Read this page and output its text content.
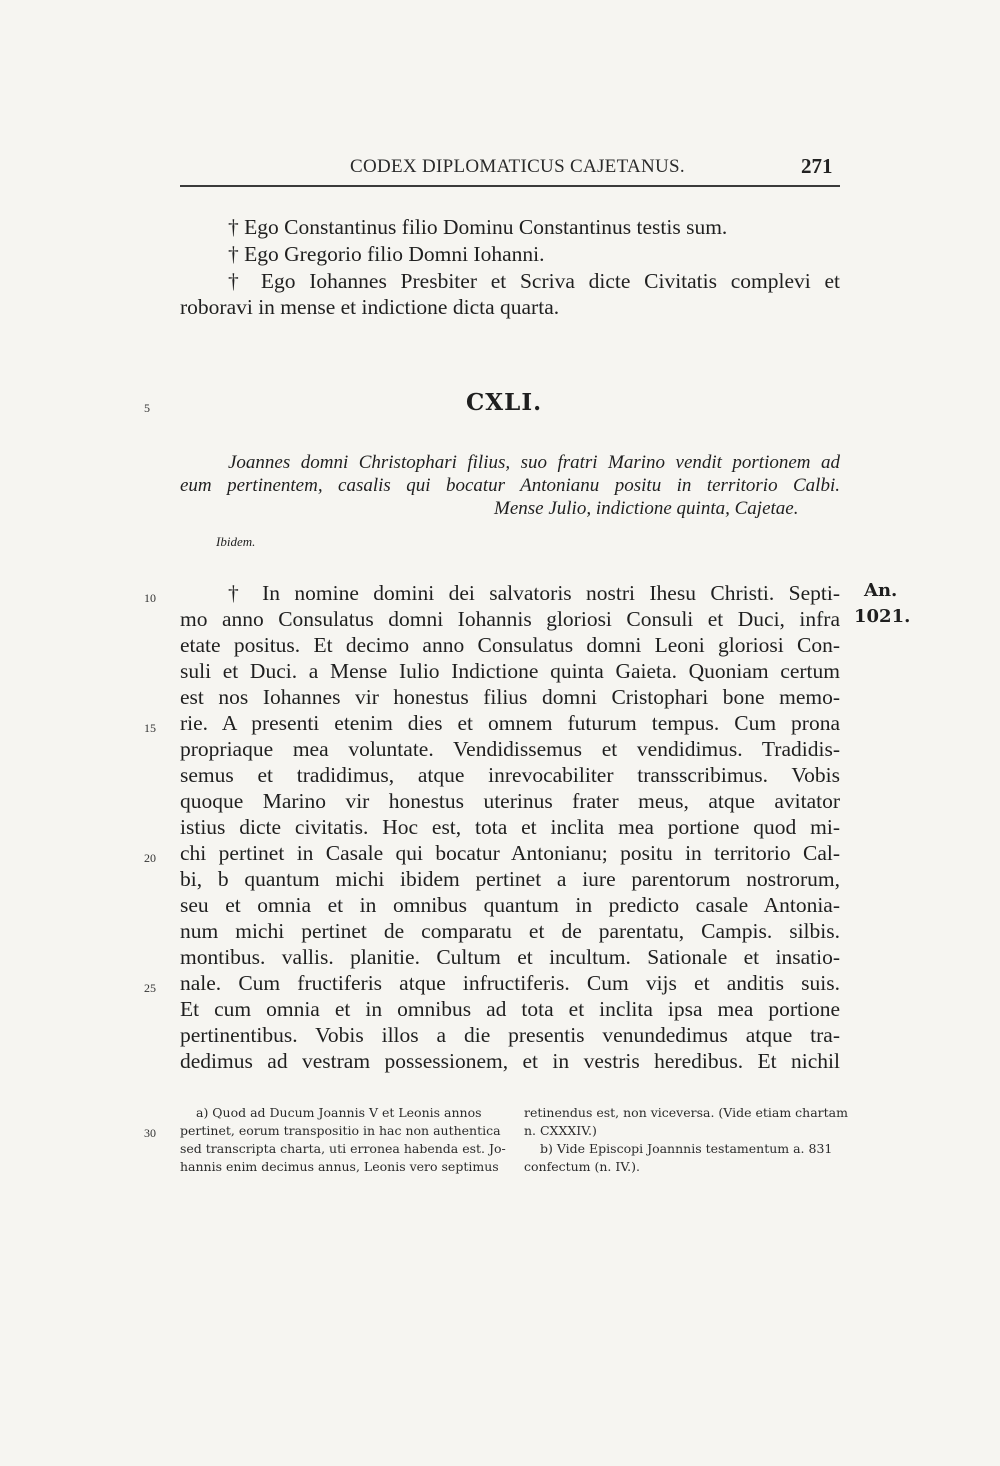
CODEX DIPLOMATICUS CAJETANUS.	271
† Ego Constantinus filio Dominu Constantinus testis sum.
† Ego Gregorio filio Domni Iohanni.
† Ego Iohannes Presbiter et Scriva dicte Civitatis complevi et
roboravi in mense et indictione dicta quarta.
5	CXLI.
Joannes domni Christophari filius, suo fratri Marino vendit portionem ad
eum pertinentem, casalis qui bocatur Antonianu positu in territorio Calbi.
Mense Julio, indictione quinta, Cajetae.
Ibidem.
An.
1021.
† In nomine domini dei salvatoris nostri Ihesu Christi. Septi-
mo anno Consulatus domni Iohannis gloriosi Consuli et Duci, infra
etate positus. Et decimo anno Consulatus domni Leoni gloriosi Con-
suli et Duci. a Mense Iulio Indictione quinta Gaieta. Quoniam certum
est nos Iohannes vir honestus filius domni Cristophari bone memo-
rie. A presenti etenim dies et omnem futurum tempus. Cum prona
propriaque mea voluntate. Vendidissemus et vendidimus. Tradidis-
semus et tradidimus, atque inrevocabiliter transscribimus. Vobis
quoque Marino vir honestus uterinus frater meus, atque avitator
istius dicte civitatis. Hoc est, tota et inclita mea portione quod mi-
chi pertinet in Casale qui bocatur Antonianu; positu in territorio Cal-
bi, b quantum michi ibidem pertinet a iure parentorum nostrorum,
seu et omnia et in omnibus quantum in predicto casale Antonia-
num michi pertinet de comparatu et de parentatu, Campis. silbis.
montibus. vallis. planitie. Cultum et incultum. Sationale et insatio-
nale. Cum fructiferis atque infructiferis. Cum vijs et anditis suis.
Et cum omnia et in omnibus ad tota et inclita ipsa mea portione
pertinentibus. Vobis illos a die presentis venundedimus atque tra-
dedimus ad vestram possessionem, et in vestris heredibus. Et nichil
10
15
20
25
30
a) Quod ad Ducum Joannis V et Leonis annos
pertinet, eorum transpositio in hac non authentica
sed transcripta charta, uti erronea habenda est. Jo-
hannis enim decimus annus, Leonis vero septimus
retinendus est, non viceversa. (Vide etiam chartam
n. CXXXIV.)
b) Vide Episcopi Joannnis testamentum a. 831
confectum (n. IV.).
